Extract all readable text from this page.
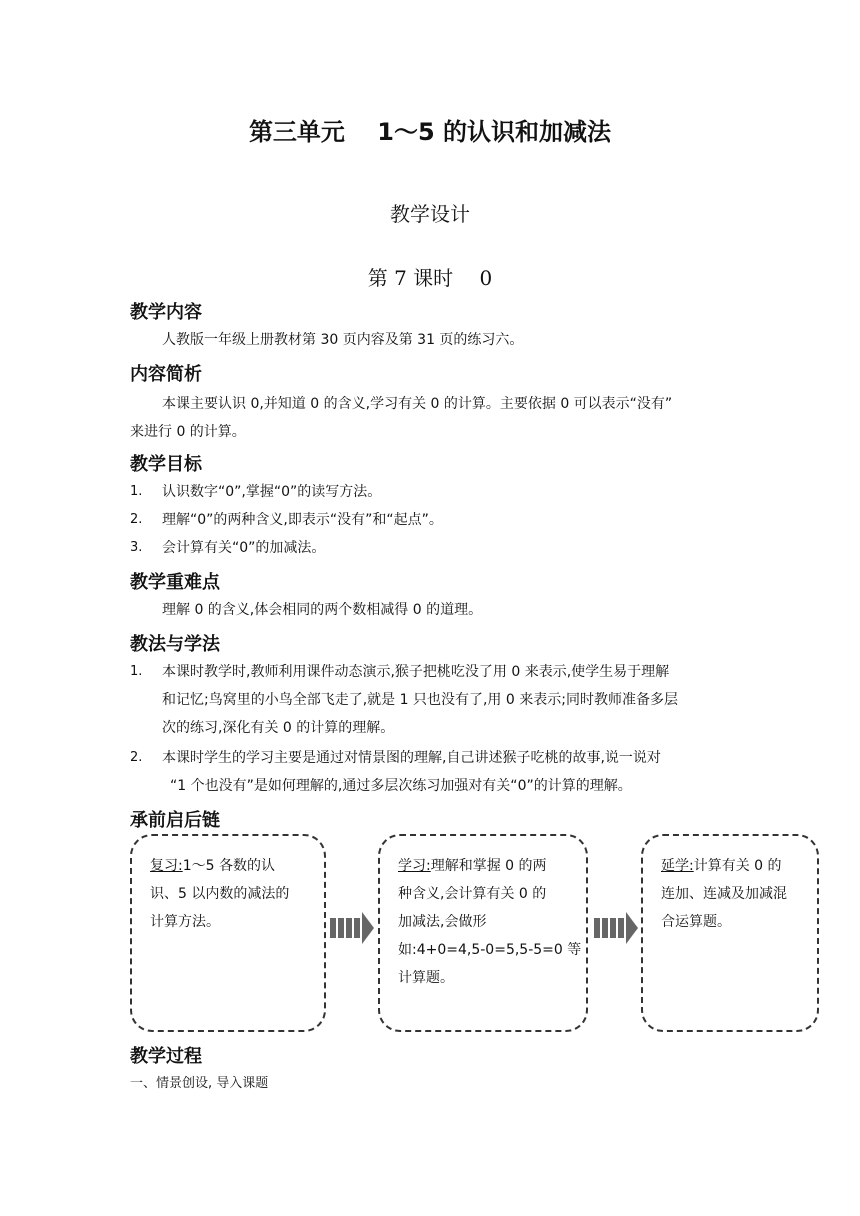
第三单元　 1～5 的认识和加减法
教学设计
第 7 课时　 0
教学内容
人教版一年级上册教材第 30 页内容及第 31 页的练习六。
内容简析
本课主要认识 0,并知道 0 的含义,学习有关 0 的计算。主要依据 0 可以表示“没有”
来进行 0 的计算。
教学目标
1.	认识数字“0”,掌握“0”的读写方法。
2.	理解“0”的两种含义,即表示“没有”和“起点”。
3.	会计算有关“0”的加减法。
教学重难点
理解 0 的含义,体会相同的两个数相减得 0 的道理。
教法与学法
1.	本课时教学时,教师利用课件动态演示,猴子把桃吃没了用 0 来表示,使学生易于理解
和记忆;鸟窝里的小鸟全部飞走了,就是 1 只也没有了,用 0 来表示;同时教师准备多层
次的练习,深化有关 0 的计算的理解。
2.	本课时学生的学习主要是通过对情景图的理解,自己讲述猴子吃桃的故事,说一说对
“1 个也没有”是如何理解的,通过多层次练习加强对有关“0”的计算的理解。
承前启后链
复习:1～5 各数的认
识、5 以内数的减法的
计算方法。
学习:理解和掌握 0 的两
种含义,会计算有关 0 的
加减法,会做形
如:4+0=4,5-0=5,5-5=0 等
计算题。
延学:计算有关 0 的
连加、连减及加减混
合运算题。
教学过程
一、情景创设, 导入课题
